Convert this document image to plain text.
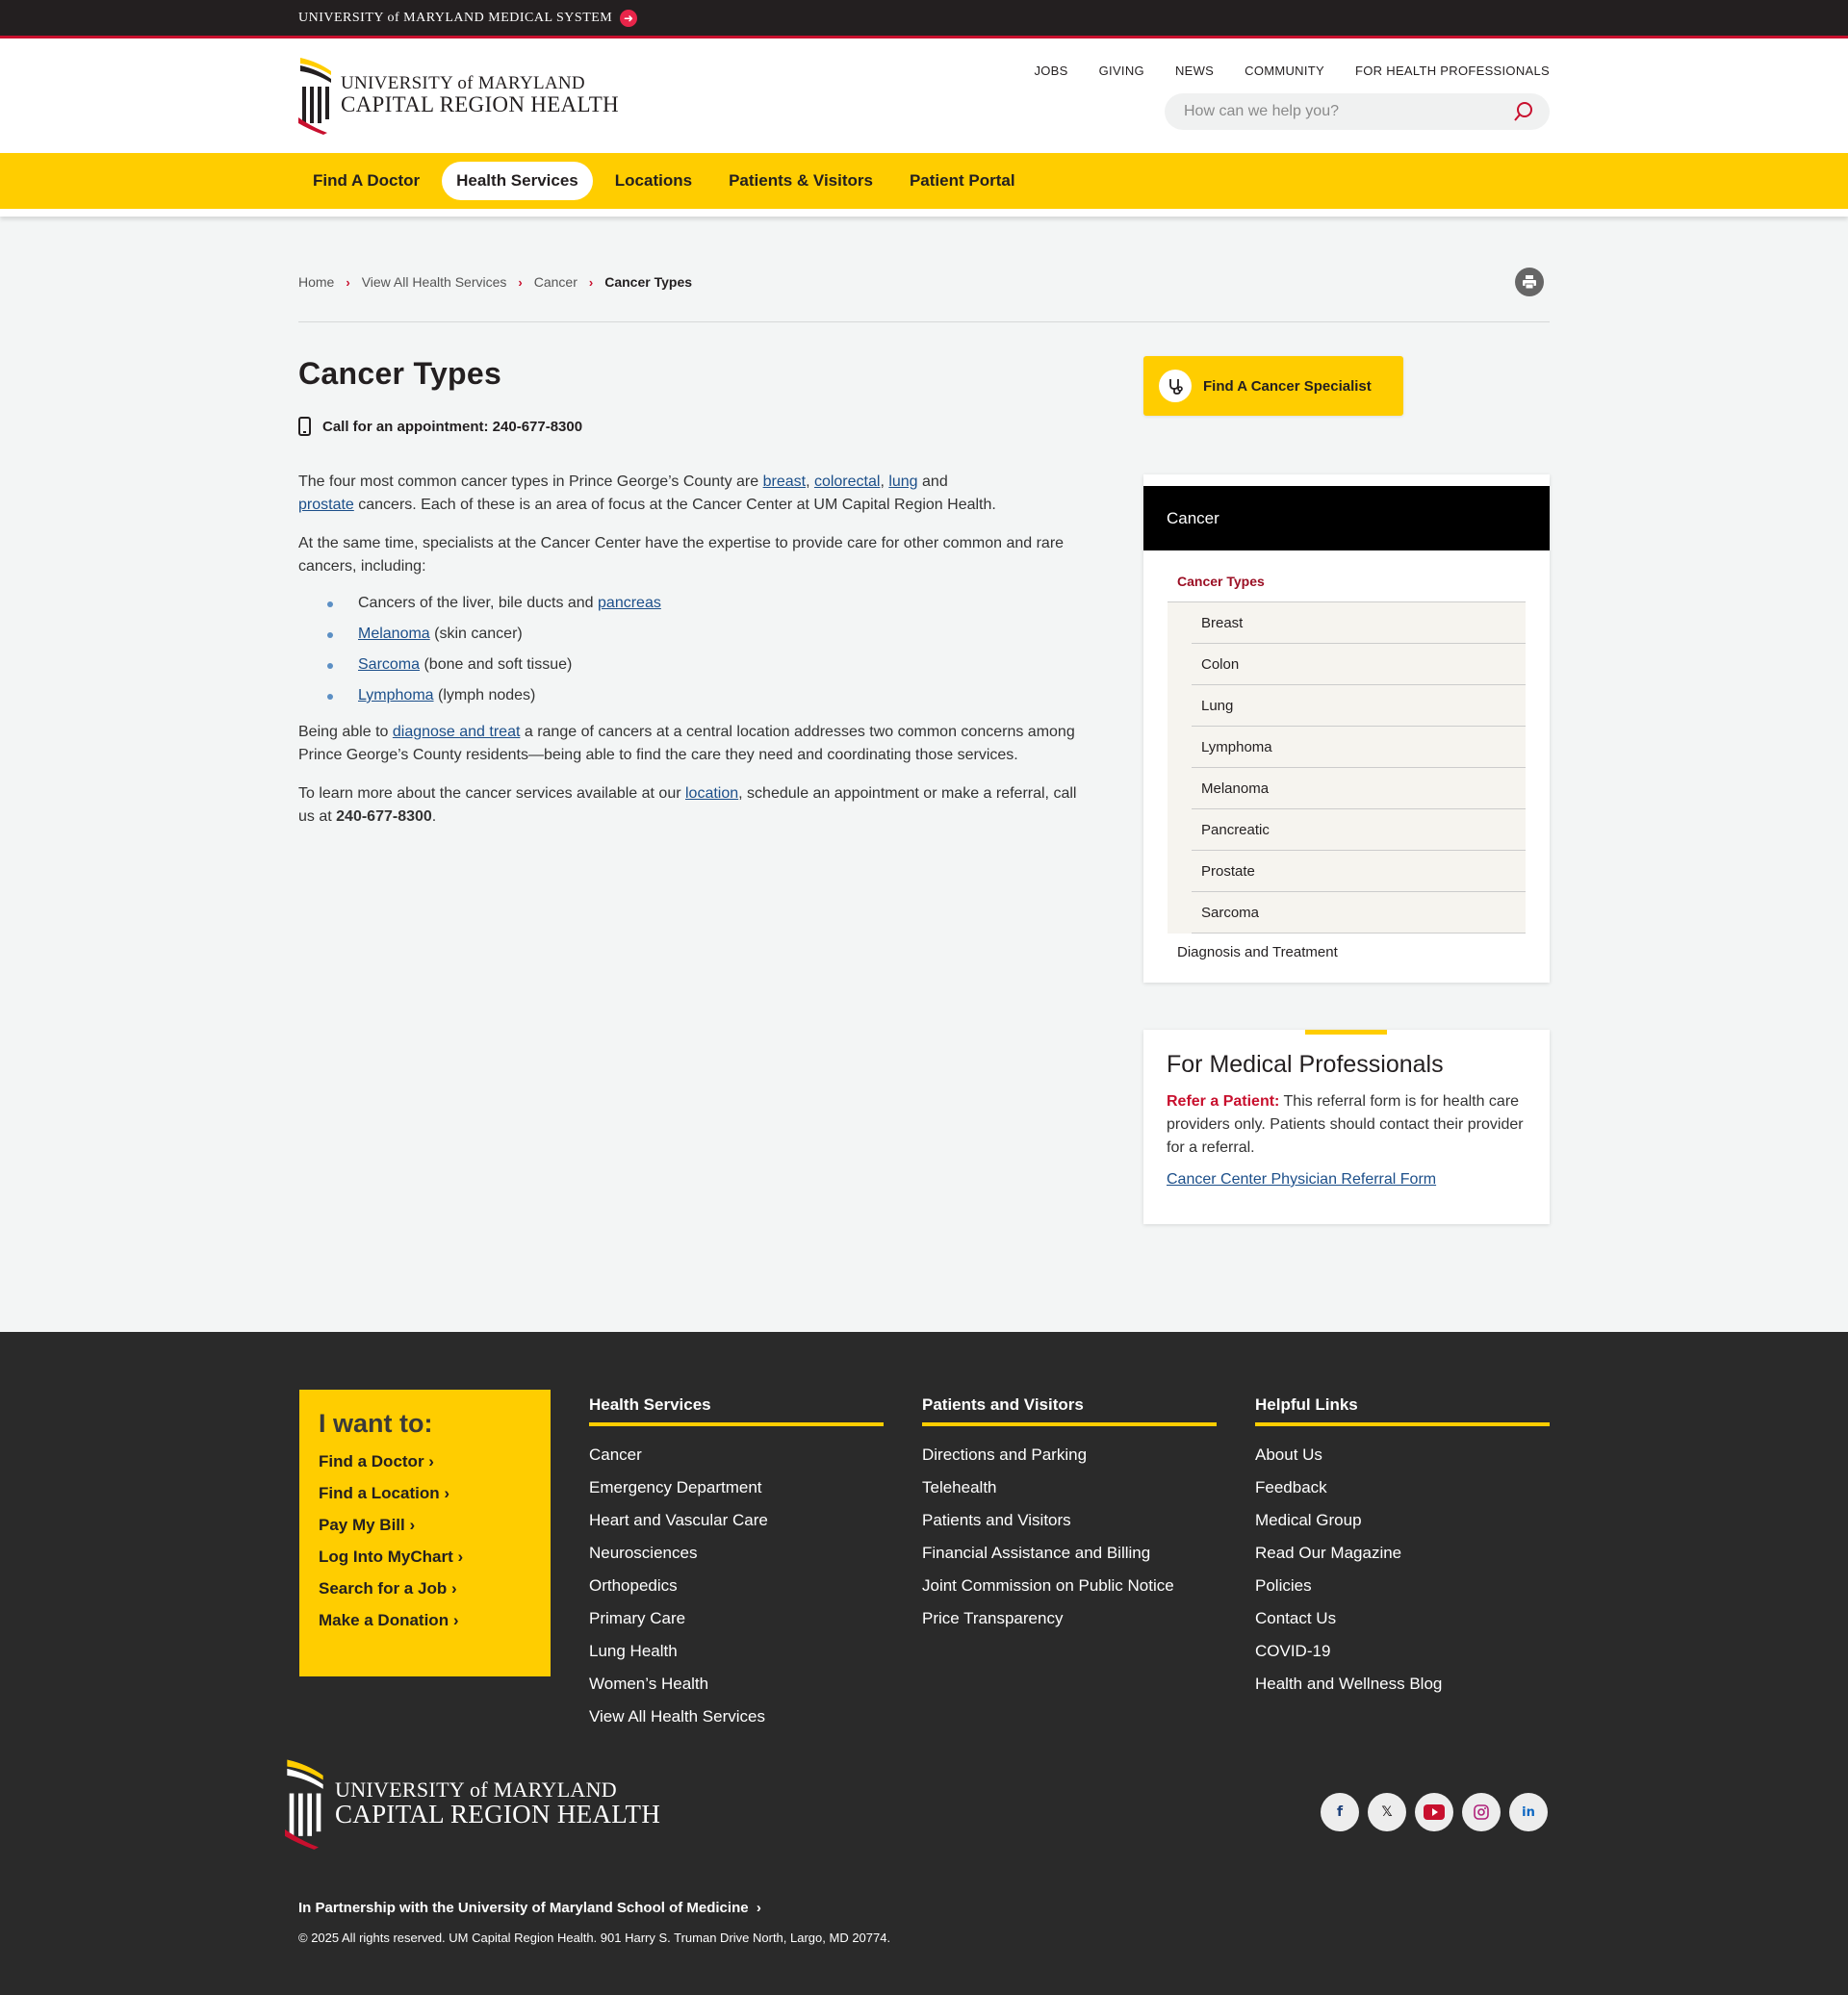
UNIVERSITY of MARYLAND MEDICAL SYSTEM ➜
UNIVERSITY of MARYLAND
CAPITAL REGION HEALTH
JOBS GIVING NEWS COMMUNITY FOR HEALTH PROFESSIONALS
How can we help you?
Find A Doctor	Health Services	Locations	Patients & Visitors	Patient Portal
Home › View All Health Services › Cancer › Cancer Types
Cancer Types
Call for an appointment: 240-677-8300

The four most common cancer types in Prince George’s County are breast, colorectal, lung and
prostate cancers. Each of these is an area of focus at the Cancer Center at UM Capital Region Health.

At the same time, specialists at the Cancer Center have the expertise to provide care for other common and rare cancers, including:

Cancers of the liver, bile ducts and pancreas
Melanoma (skin cancer)
Sarcoma (bone and soft tissue)
Lymphoma (lymph nodes)

Being able to diagnose and treat a range of cancers at a central location addresses two common concerns among Prince George’s County residents—being able to find the care they need and coordinating those services.

To learn more about the cancer services available at our location, schedule an appointment or make a referral, call us at 240-677-8300.

Find A Cancer Specialist
Cancer
Cancer Types
Breast
Colon
Lung
Lymphoma
Melanoma
Pancreatic
Prostate
Sarcoma
Diagnosis and Treatment
For Medical Professionals

Refer a Patient: This referral form is for health care providers only. Patients should contact their provider for a referral.

Cancer Center Physician Referral Form
I want to:
Find a Doctor ›
Find a Location ›
Pay My Bill ›
Log Into MyChart ›
Search for a Job ›
Make a Donation ›
Health Services
Cancer
Emergency Department
Heart and Vascular Care
Neurosciences
Orthopedics
Primary Care
Lung Health
Women’s Health
View All Health Services
Patients and Visitors
Directions and Parking
Telehealth
Patients and Visitors
Financial Assistance and Billing
Joint Commission on Public Notice
Price Transparency
Helpful Links
About Us
Feedback
Medical Group
Read Our Magazine
Policies
Contact Us
COVID-19
Health and Wellness Blog
UNIVERSITY of MARYLAND
CAPITAL REGION HEALTH	f	𝕏	in
In Partnership with the University of Maryland School of Medicine ›
© 2025 All rights reserved. UM Capital Region Health. 901 Harry S. Truman Drive North, Largo, MD 20774.
